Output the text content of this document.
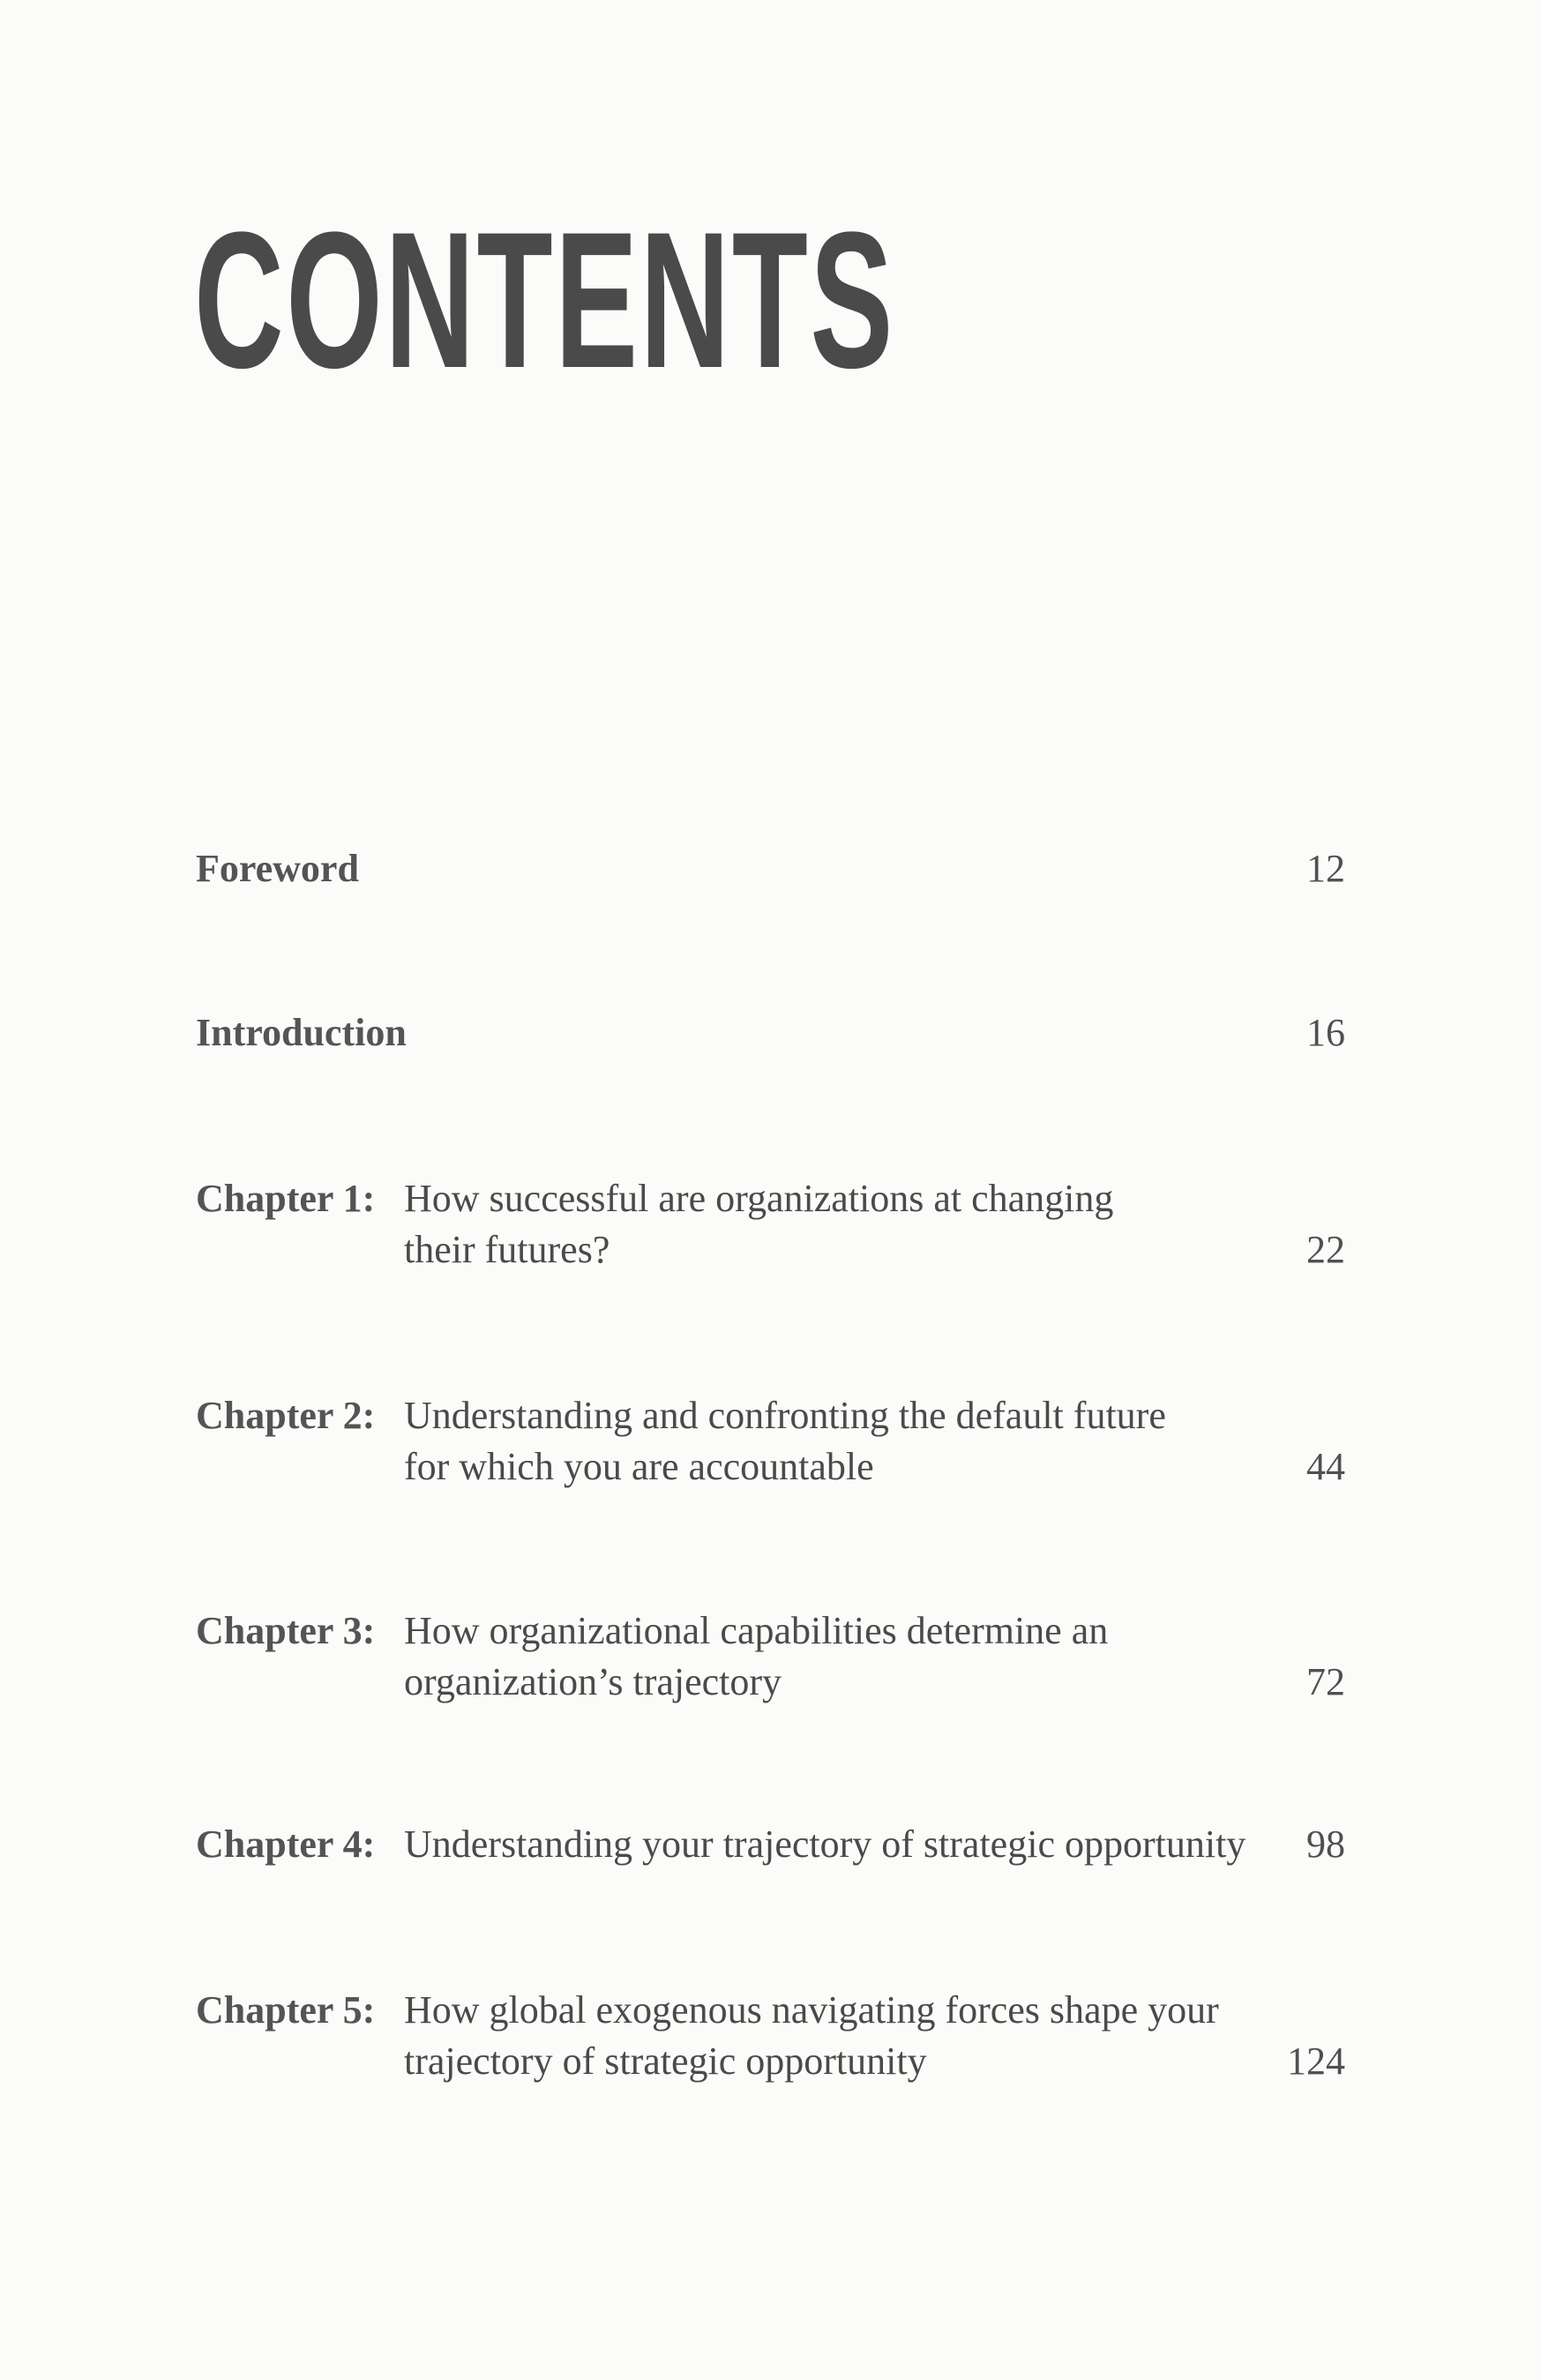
CONTENTS
Foreword	12
Introduction	16
Chapter 1: How successful are organizations at changing their futures?	22
Chapter 2: Understanding and confronting the default future for which you are accountable	44
Chapter 3: How organizational capabilities determine an organization’s trajectory	72
Chapter 4: Understanding your trajectory of strategic opportunity	98
Chapter 5: How global exogenous navigating forces shape your trajectory of strategic opportunity	124
